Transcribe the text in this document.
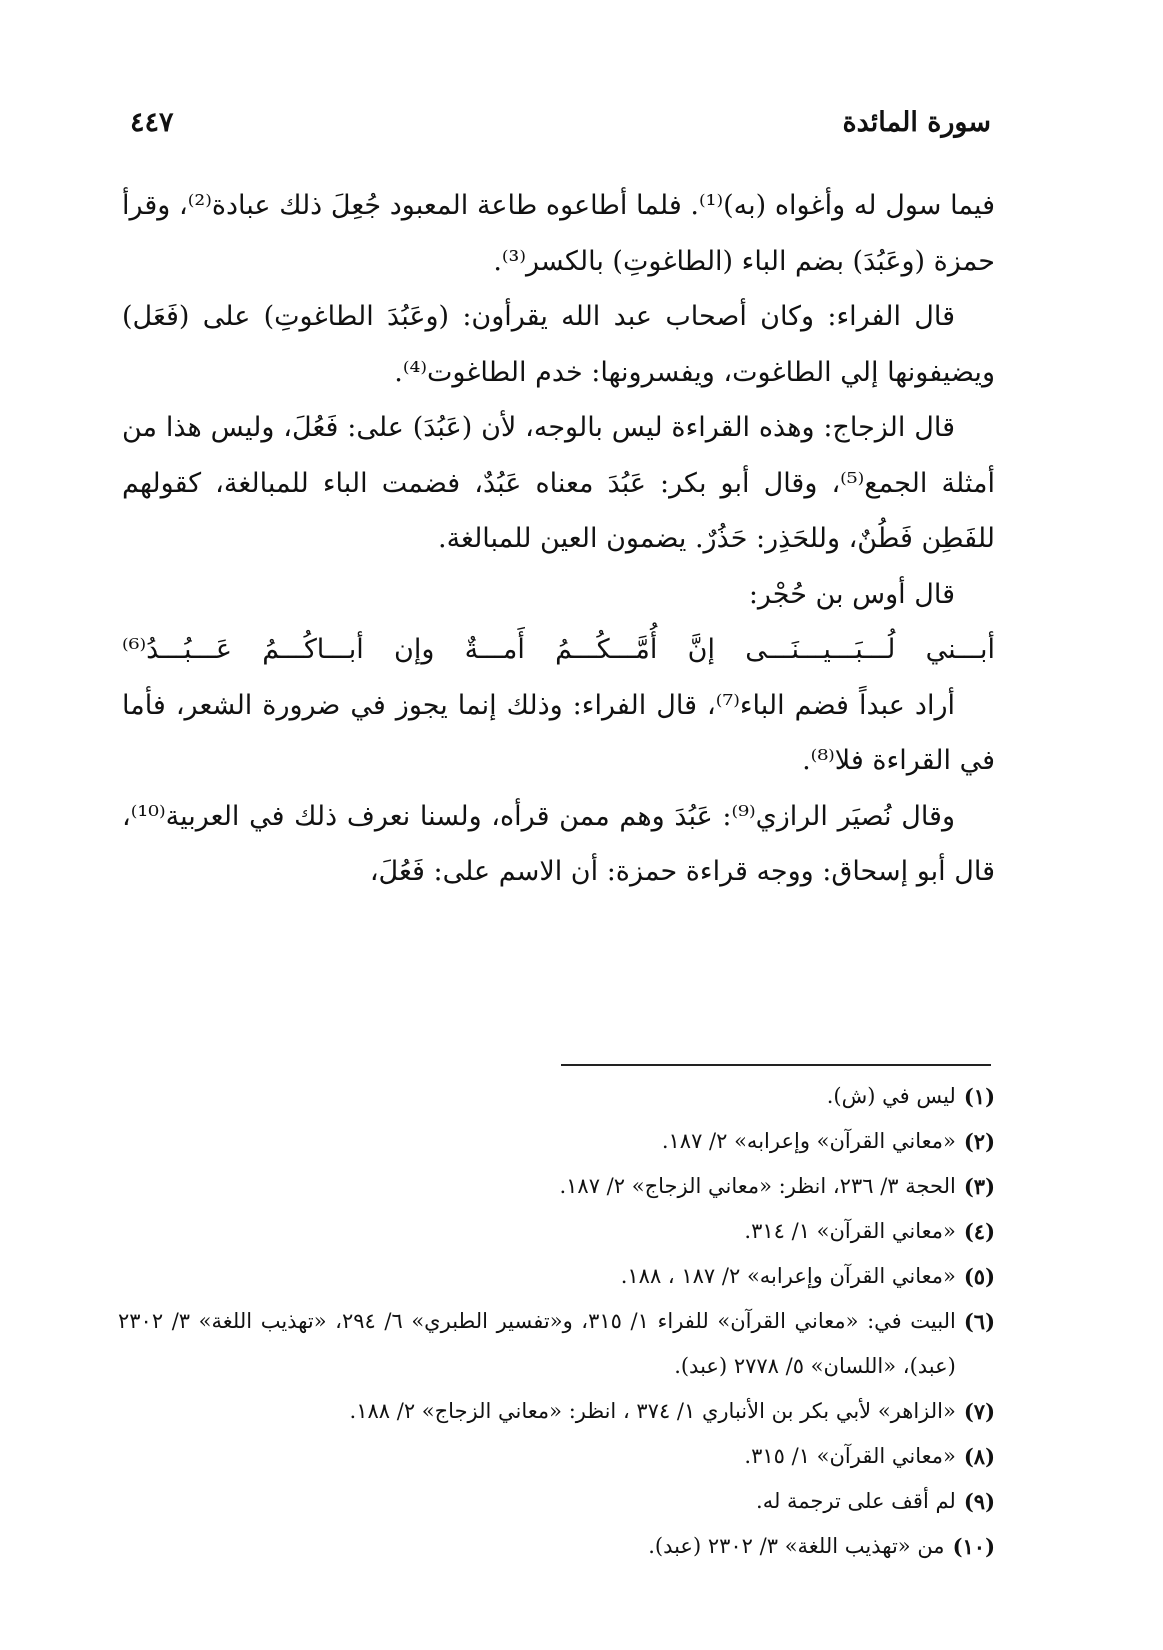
سورة المائدة
٤٤٧

فيما سول له وأغواه (به)⁽¹⁾. فلما أطاعوه طاعة المعبود جُعِلَ ذلك عبادة⁽²⁾، وقرأ حمزة (وعَبُدَ) بضم الباء (الطاغوتِ) بالكسر⁽³⁾.

قال الفراء: وكان أصحاب عبد الله يقرأون: (وعَبُدَ الطاغوتِ) على (فَعَل) ويضيفونها إلي الطاغوت، ويفسرونها: خدم الطاغوت⁽⁴⁾.

قال الزجاج: وهذه القراءة ليس بالوجه، لأن (عَبُدَ) على: فَعُلَ، وليس هذا من أمثلة الجمع⁽⁵⁾، وقال أبو بكر: عَبُدَ معناه عَبُدٌ، فضمت الباء للمبالغة، كقولهم للفَطِن فَطُنٌ، وللحَذِر: حَذُرٌ. يضمون العين للمبالغة.

قال أوس بن حُجْر:

أبـــني لُـــبَـــيـــنَـــى إنَّ أُمَّـــكُـــمُ أَمـــةٌ وإن أبـــاكُـــمُ عَـــبُـــدُ⁽⁶⁾

أراد عبداً فضم الباء⁽⁷⁾، قال الفراء: وذلك إنما يجوز في ضرورة الشعر، فأما في القراءة فلا⁽⁸⁾.

وقال نُصيَر الرازي⁽⁹⁾: عَبُدَ وهم ممن قرأه، ولسنا نعرف ذلك في العربية⁽¹⁰⁾، قال أبو إسحاق: ووجه قراءة حمزة: أن الاسم على: فَعُلَ،

(١)
ليس في (ش).
(٢)
«معاني القرآن» وإعرابه» ٢/ ١٨٧.
(٣)
الحجة ٣/ ٢٣٦، انظر: «معاني الزجاج» ٢/ ١٨٧.
(٤)
«معاني القرآن» ١/ ٣١٤.
(٥)
«معاني القرآن وإعرابه» ٢/ ١٨٧ ، ١٨٨.
(٦)
البيت في: «معاني القرآن» للفراء ١/ ٣١٥، و«تفسير الطبري» ٦/ ٢٩٤، «تهذيب اللغة» ٣/ ٢٣٠٢ (عبد)، «اللسان» ٥/ ٢٧٧٨ (عبد).
(٧)
«الزاهر» لأبي بكر بن الأنباري ١/ ٣٧٤ ، انظر: «معاني الزجاج» ٢/ ١٨٨.
(٨)
«معاني القرآن» ١/ ٣١٥.
(٩)
لم أقف على ترجمة له.
(١٠)
من «تهذيب اللغة» ٣/ ٢٣٠٢ (عبد).
